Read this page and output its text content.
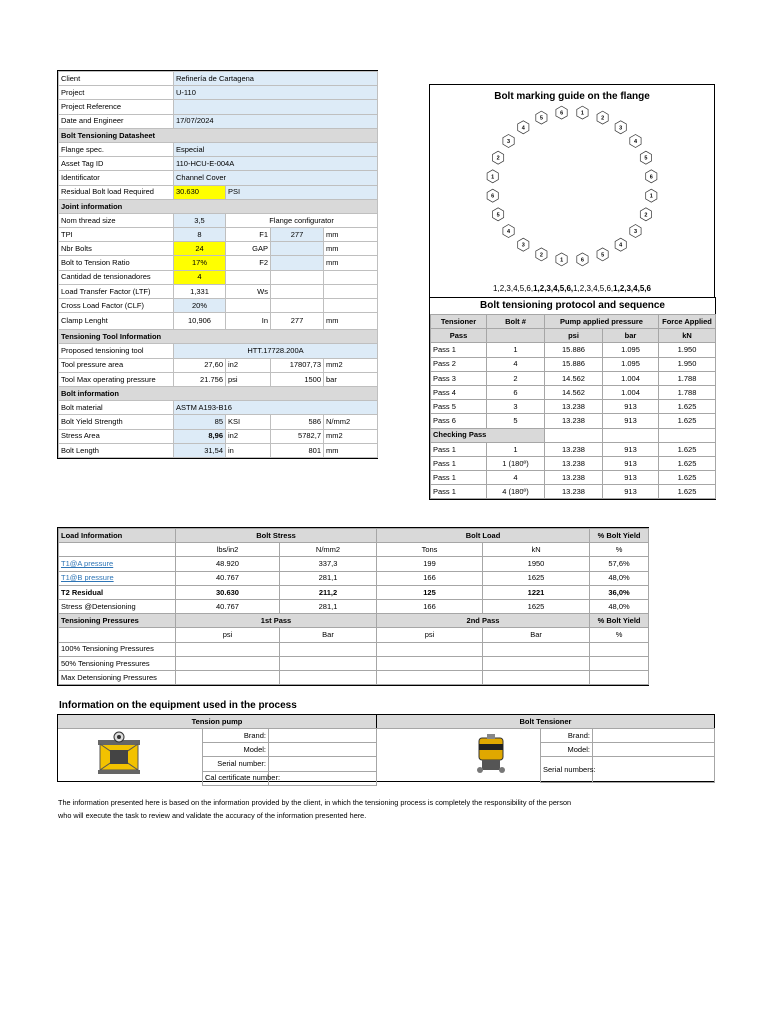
Client	Refinería de Cartagena			
Project	U-110			
Project Reference				
Date and Engineer	17/07/2024			
Bolt Tensioning Datasheet				
Flange spec.	Especial			
Asset Tag ID	110-HCU-E-004A			
Identificator	Channel Cover			
Residual Bolt load Required	30.630	PSI		
Joint information				
Nom thread size	3,5	Flange configurator		
TPI	8	F1	277	mm
Nbr Bolts	24	GAP		mm
Bolt to Tension Ratio	17%	F2		mm
Cantidad de tensionadores	4			
Load Transfer Factor (LTF)	1,331	Ws		
Cross Load Factor (CLF)	20%			
Clamp Lenght	10,906	In	277	mm
Tensioning Tool Information				
Proposed tensioning tool	HTT.17728.200A			
Tool pressure area	27,60	in2	17807,73	mm2
Tool Max operating pressure	21.756	psi	1500	bar
Bolt information				
Bolt material	ASTM A193-B16			
Bolt Yield Strength	85	KSI	586	N/mm2
Stress Area	8,96	in2	5782,7	mm2
Bolt Length	31,54	in	801	mm
Bolt marking guide on the flange
1
2
3
4
5
6
1
2
3
4
5
6
1
2
3
4
5
6
1
2
3
4
5
6
1,2,3,4,5,6,1,2,3,4,5,6,1,2,3,4,5,6,1,2,3,4,5,6
Bolt tensioning protocol and sequence
Tensioner	Bolt #	Pump applied pressure		Force Applied
Pass		psi	bar	kN
Pass 1	1	15.886	1.095	1.950
Pass 2	4	15.886	1.095	1.950
Pass 3	2	14.562	1.004	1.788
Pass 4	6	14.562	1.004	1.788
Pass 5	3	13.238	913	1.625
Pass 6	5	13.238	913	1.625
Checking Pass				
Pass 1	1	13.238	913	1.625
Pass 1	1 (180º)	13.238	913	1.625
Pass 1	4	13.238	913	1.625
Pass 1	4 (180º)	13.238	913	1.625
Load Information	Bolt Stress		Bolt Load		% Bolt Yield
	lbs/in2	N/mm2	Tons	kN	%
T1@A pressure	48.920	337,3	199	1950	57,6%
T1@B pressure	40.767	281,1	166	1625	48,0%
T2 Residual	30.630	211,2	125	1221	36,0%
Stress @Detensioning	40.767	281,1	166	1625	48,0%
Tensioning Pressures	1st Pass		2nd Pass		% Bolt Yield
	psi	Bar	psi	Bar	%
100% Tensioning Pressures					
50% Tensioning Pressures					
Max Detensioning Pressures					
Information on the equipment used in the process
Tension pump	Bolt Tensioner
Brand:	
Model:	
Serial number:	
Cal certificate number:	
Brand:	
Model:	
Serial numbers:	
The information presented here is based on the information provided by the client, in which the tensioning process is completely the responsibility of the person
who will execute the task to review and validate the accuracy of the information presented here.
